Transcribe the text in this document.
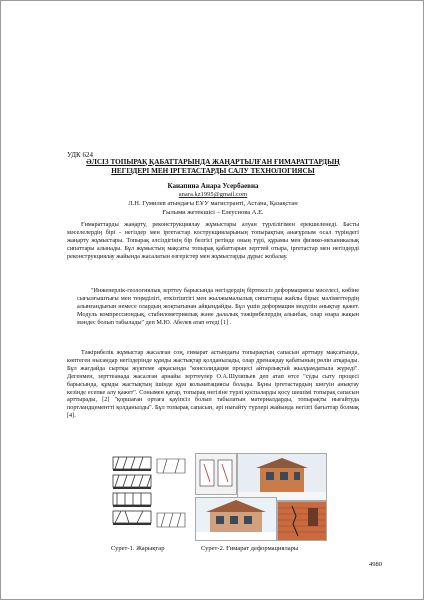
УДК 624
ӘЛСІЗ ТОПЫРАҚ ҚАБАТТАРЫНДА ЖАҢАРТЫЛҒАН ҒИМАРАТТАРДЫҢ
НЕГІЗДЕРІ МЕН ІРГЕТАСТАРДЫ САЛУ ТЕХНОЛОГИЯСЫ
Канапина Анара Усербаевна
anara.kz1995@gmail.com
Л.Н. Гумилев атындағы ЕҰУ магистранті, Астана, Қазақстан
Ғылыми жетекшісі – Елеуснова А.Е.
Ғимараттарды жаңарту, реконструкциялау жұмыстары алуан түрлілігімен ерекшеленеді. Басты мәселелердің бірі - негіздер мен іргетастар кострукцияларының топырақтың анағұрлым осал түріндегі жаңарту жұмыстары. Топырақ әлсіздігінің бір белгісі ретінде оның түрі, құрамы мен физико-механикалық сипаттары алынады. Бұл жұмыстың мақсаты топырақ қабаттарын зерттей отыра, іргетастар мен негіздерді реконструкциялау жайында жасалатын өзгерістер мен жұмыстарды дұрыс жобалау.
"Инженерлік-геологиялық зерттеу барысында негіздердің біртекссіз деформациясы мәселесі, көбіне сығылғыштығы мен теңмділігі, өткізгіштігі мен жылжымалылық сипаттары жайлы бірыс мәліметтердің алынғандығын немесе олардың жоқтығынан айқындайды. Бұл үшін деформация модулін анықтау қажет. Модуль компрессиондық, стабилометриялық және далалық тәжірибелердің алынбак, олар өзара жақын мәндес болып табылады" деп М.Ю. Абелев атап өтеді [1] .
Тәжірибелік жұмыстар жасалған соң, ғимарат астындағы топырақтың сапасын арттыру мақсатында, көптеген нысандар негіздерінде құмды жастықтар қолданылады, олар дренаждау қабатының рөлін атқарады. Бұл жағдайда сыртқы жүктеме арқасында "консолидация процесі айтарлықтай жылдамдатыла жүреді". Дегенмен, зерттеанада жасалған арнайы зерттеулер О.А.Шуляпьев деп атап өтсе "суды сыту процесі барысында, құмды жастықтың ішінде құм кольматациясы болады. Бұны іргетастардың шөгуін анықтау кезінде есепке алу қажет". Сонымен қатар, топырақ негізіне түрлі қоспаларды қосу шешімі топырақ сапасын арттырады, [2] "қоршаған ортаға қауіпсіз болып табылатын материалдарды, топырақты нығайтуда портландцементті қолданылды". Бұл топырақ сапасын, әрі нығайту түрлері жайында негізгі бағыттар болмақ [4].
Сурет-1. Жарықтар	Сурет-2. Ғимарат деформациялары
4980
